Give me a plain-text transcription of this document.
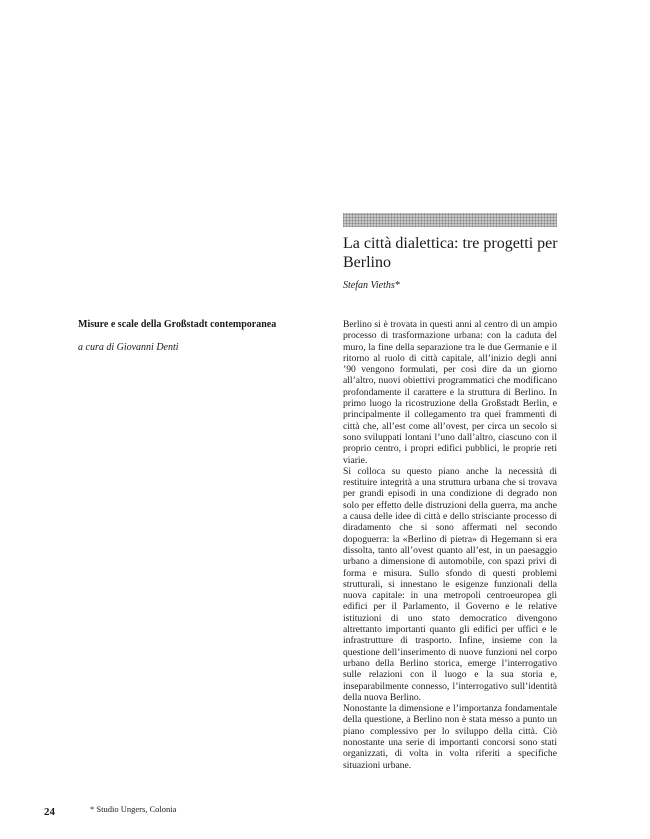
La città dialettica: tre progetti per Berlino

Stefan Vieths*

Misure e scale della Großstadt contemporanea

a cura di Giovanni Denti

Berlino si è trovata in questi anni al centro di un ampio processo di trasformazione urbana: con la caduta del muro, la fine della separazione tra le due Germanie e il ritorno al ruolo di città capitale, all’inizio degli anni ’90 vengono formulati, per così dire da un giorno all’altro, nuovi obiettivi programmatici che modificano profondamente il carattere e la struttura di Berlino. In primo luogo la ricostruzione della Großstadt Berlin, e principalmente il collegamento tra quei frammenti di città che, all’est come all’ovest, per circa un secolo si sono sviluppati lontani l’uno dall’altro, ciascuno con il proprio centro, i propri edifici pubblici, le proprie reti viarie.

Si colloca su questo piano anche la necessità di restituire integrità a una struttura urbana che si trovava per grandi episodi in una condizione di degrado non solo per effetto delle distruzioni della guerra, ma anche a causa delle idee di città e dello strisciante processo di diradamento che si sono affermati nel secondo dopoguerra: la «Berlino di pietra» di Hegemann si era dissolta, tanto all’ovest quanto all’est, in un paesaggio urbano a dimensione di automobile, con spazi privi di forma e misura. Sullo sfondo di questi problemi strutturali, si innestano le esigenze funzionali della nuova capitale: in una metropoli centroeuropea gli edifici per il Parlamento, il Governo e le relative istituzioni di uno stato democratico divengono altrettanto importanti quanto gli edifici per uffici e le infrastrutture di trasporto. Infine, insieme con la questione dell’inserimento di nuove funzioni nel corpo urbano della Berlino storica, emerge l’interrogativo sulle relazioni con il luogo e la sua storia e, inseparabilmente connesso, l’interrogativo sull’identità della nuova Berlino.

Nonostante la dimensione e l’importanza fondamentale della questione, a Berlino non è stata messo a punto un piano complessivo per lo sviluppo della città. Ciò nonostante una serie di importanti concorsi sono stati organizzati, di volta in volta riferiti a specifiche situazioni urbane.

24	* Studio Ungers, Colonia
